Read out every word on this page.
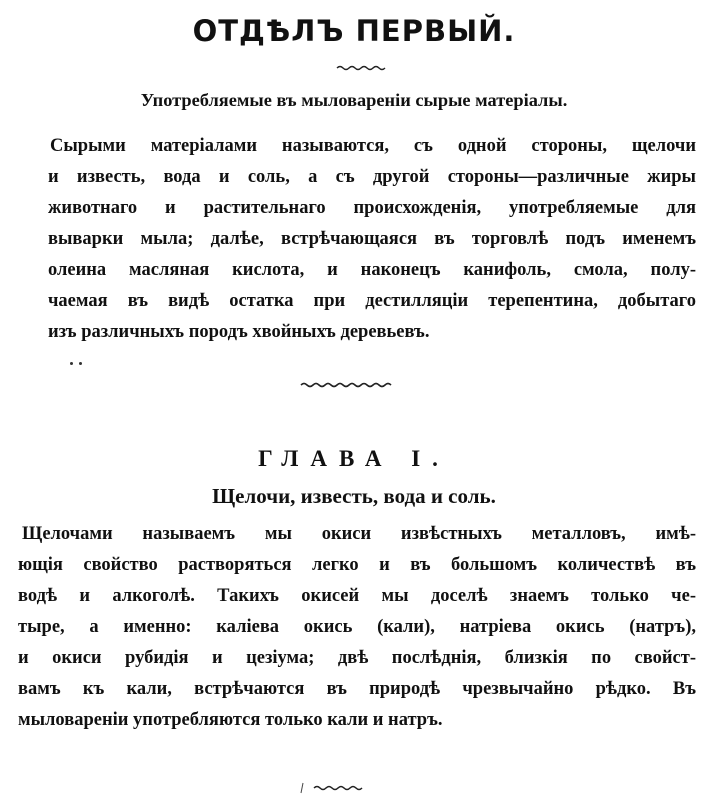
ОТДѢЛЪ ПЕРВЫЙ.
Употребляемые въ мыловаренiи сырые матерiалы.
Сырыми матерiалами называются, съ одной стороны, щелочи
и известь, вода и соль, а съ другой стороны—различные жиры
животнаго и растительнаго происхожденiя, употребляемые для
выварки мыла; далѣе, встрѣчающаяся въ торговлѣ подъ именемъ
олеина масляная кислота, и наконецъ канифоль, смола, полу-
чаемая въ видѣ остатка при дестилляцiи терепентина, добытаго
изъ различныхъ породъ хвойныхъ деревьевъ.
ГЛАВА I.
Щелочи, известь, вода и соль.
Щелочами называемъ мы окиси извѣстныхъ металловъ, имѣ-
ющiя свойство растворяться легко и въ большомъ количествѣ въ
водѣ и алкоголѣ. Такихъ окисей мы доселѣ знаемъ только че-
тыре, а именно: калiева окись (кали), натрiева окись (натръ),
и окиси рубидiя и цезiума; двѣ послѣднiя, близкiя по свойст-
вамъ къ кали, встрѣчаются въ природѣ чрезвычайно рѣдко. Въ
мыловаренiи употребляются только кали и натръ.
